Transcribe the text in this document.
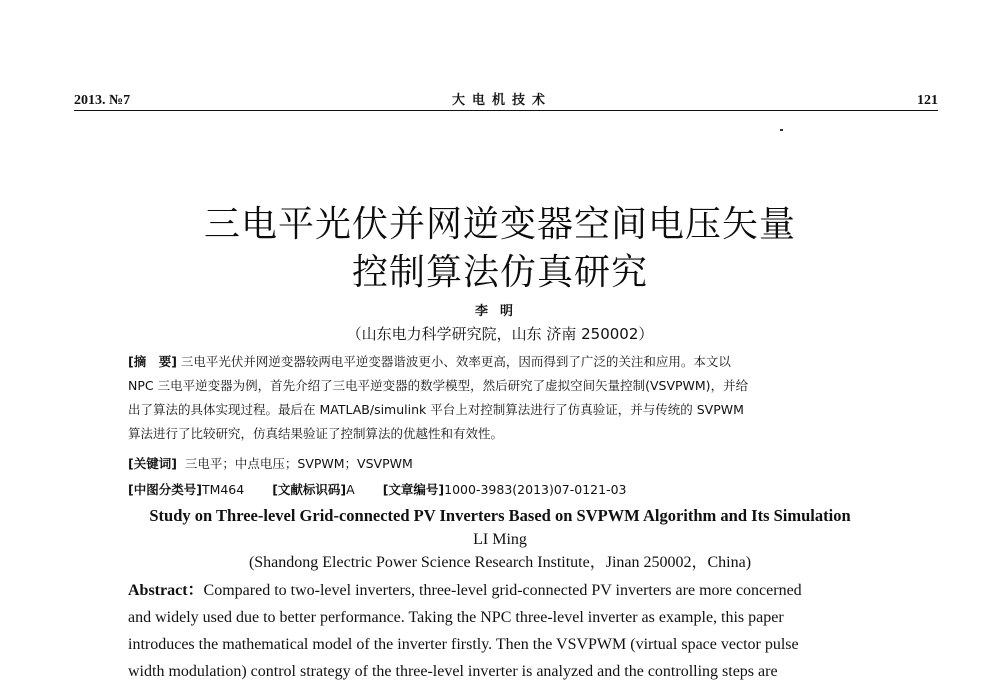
2013. №7	大电机技术	121
三电平光伏并网逆变器空间电压矢量
控制算法仿真研究
李明
（山东电力科学研究院，山东 济南 250002）
[摘　要] 三电平光伏并网逆变器较两电平逆变器谐波更小、效率更高，因而得到了广泛的关注和应用。本文以
NPC 三电平逆变器为例，首先介绍了三电平逆变器的数学模型，然后研究了虚拟空间矢量控制(VSVPWM)，并给
出了算法的具体实现过程。最后在 MATLAB/simulink 平台上对控制算法进行了仿真验证，并与传统的 SVPWM
算法进行了比较研究，仿真结果验证了控制算法的优越性和有效性。
[关键词] 三电平；中点电压；SVPWM；VSVPWM
[中图分类号]TM464 [文献标识码]A [文章编号]1000-3983(2013)07-0121-03
Study on Three-level Grid-connected PV Inverters Based on SVPWM Algorithm and Its Simulation
LI Ming
(Shandong Electric Power Science Research Institute，Jinan 250002，China)
Abstract：Compared to two-level inverters, three-level grid-connected PV inverters are more concerned
and widely used due to better performance. Taking the NPC three-level inverter as example, this paper
introduces the mathematical model of the inverter firstly. Then the VSVPWM (virtual space vector pulse
width modulation) control strategy of the three-level inverter is analyzed and the controlling steps are
